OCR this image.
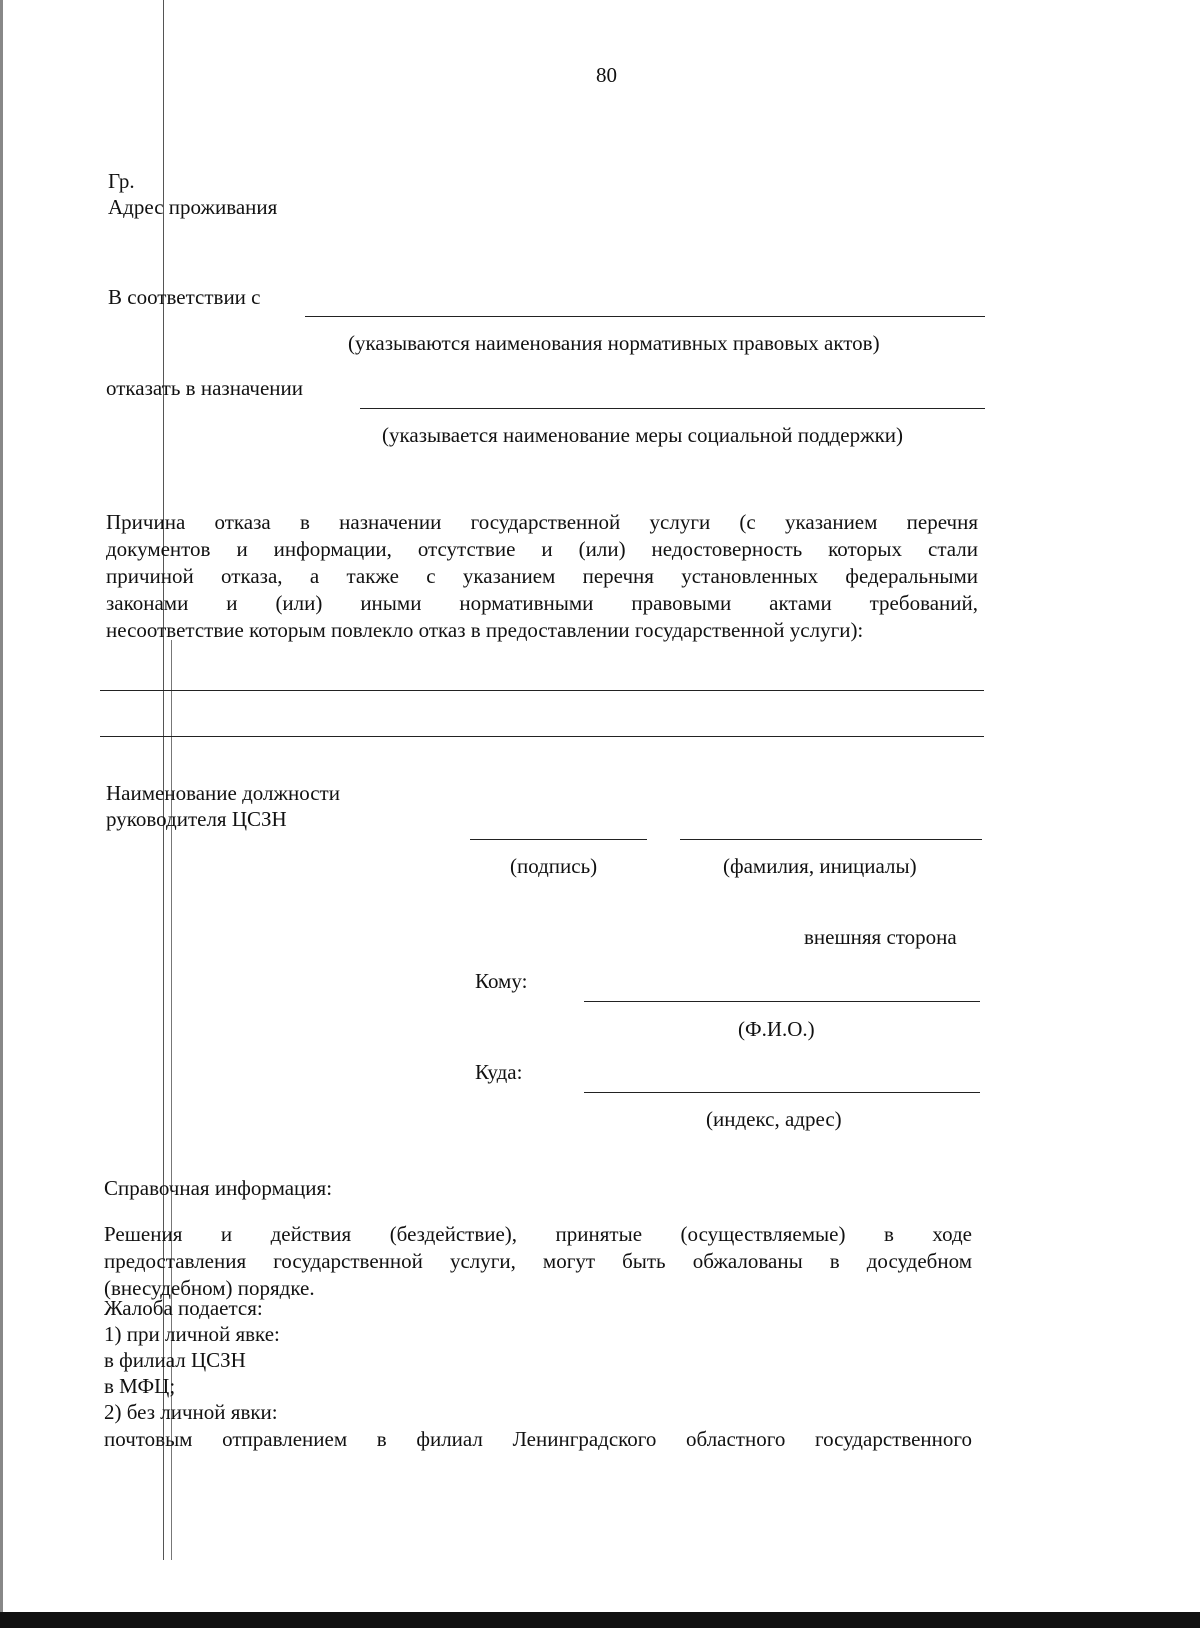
80
Гр.
Адрес проживания
В соответствии с
(указываются наименования нормативных правовых актов)
отказать в назначении
(указывается наименование меры социальной поддержки)
Причина отказа в назначении государственной услуги (с указанием перечня
документов и информации, отсутствие и (или) недостоверность которых стали
причиной отказа, а также с указанием перечня установленных федеральными
законами и (или) иными нормативными правовыми актами требований,
несоответствие которым повлекло отказ в предоставлении государственной услуги):
Наименование должности
руководителя ЦСЗН
(подпись)	(фамилия, инициалы)
внешняя сторона
Кому:
(Ф.И.О.)
Куда:
(индекс, адрес)
Справочная информация:
Решения и действия (бездействие), принятые (осуществляемые) в ходе
предоставления государственной услуги, могут быть обжалованы в досудебном
(внесудебном) порядке.
Жалоба подается:
1) при личной явке:
в филиал ЦСЗН
в МФЦ;
2) без личной явки:
почтовым отправлением в филиал Ленинградского областного государственного
